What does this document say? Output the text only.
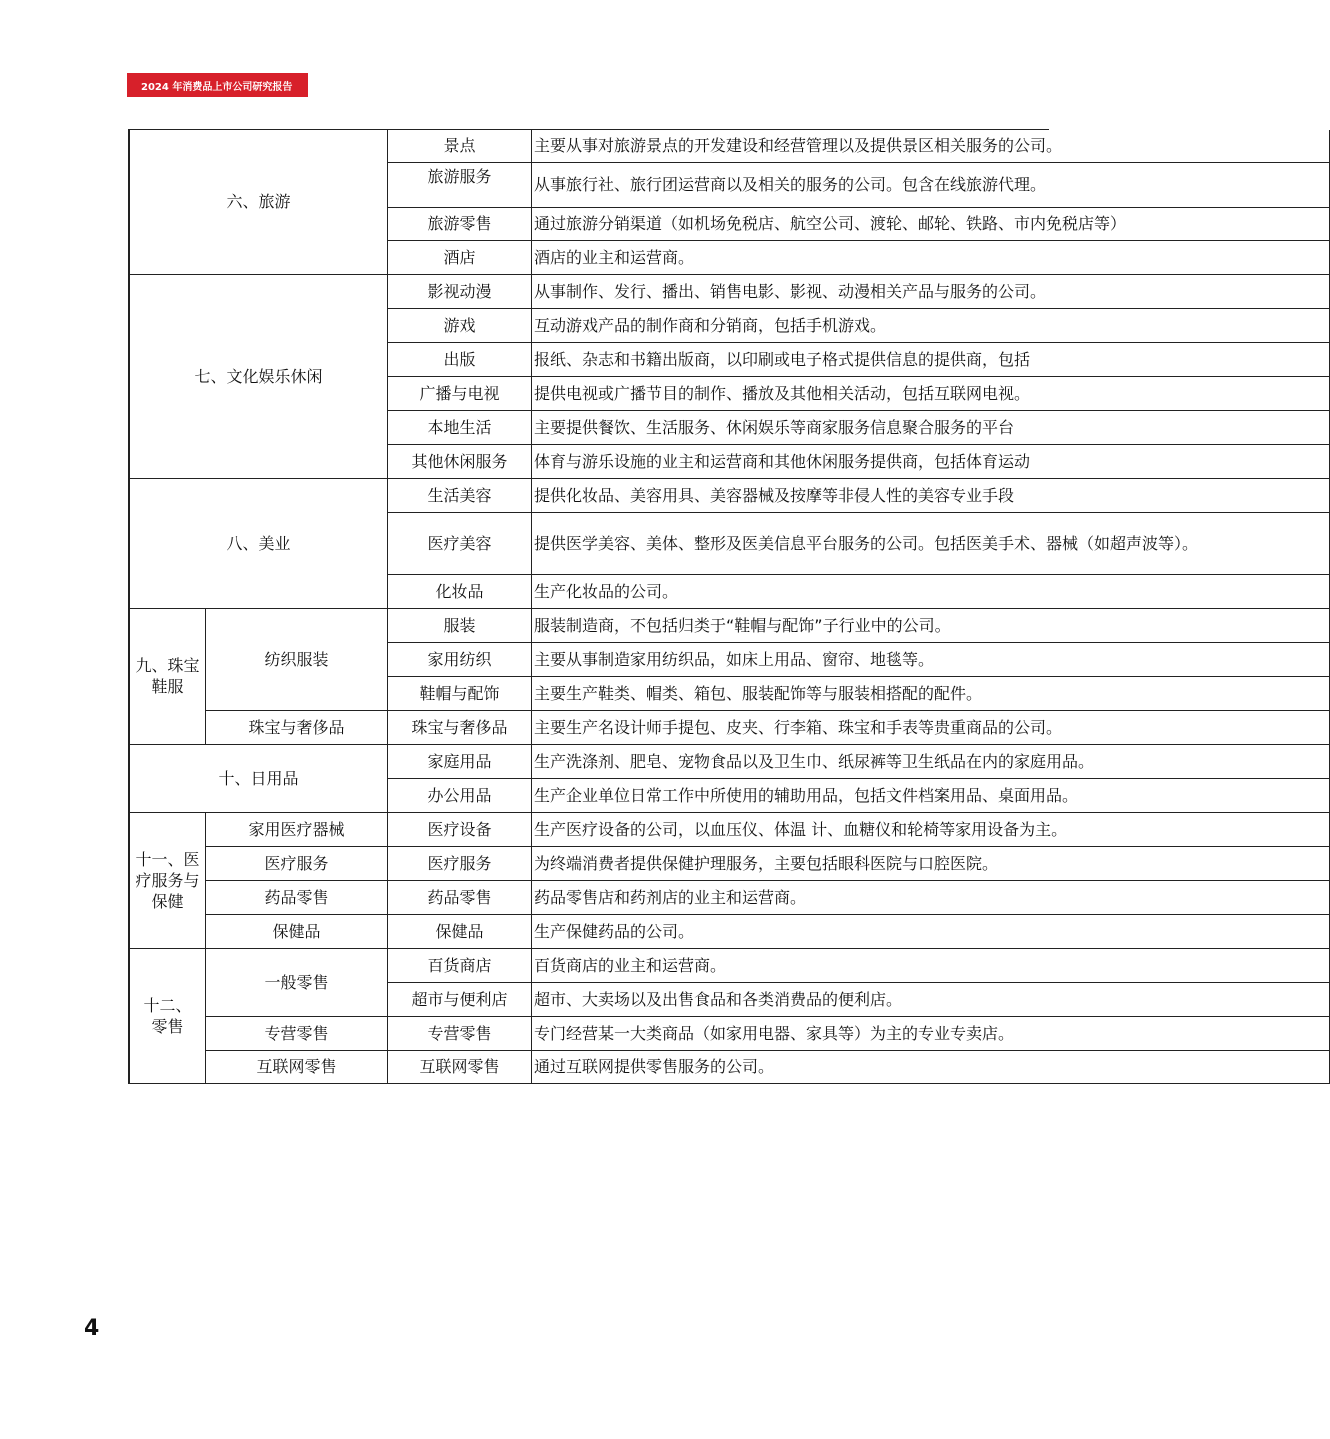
2024 年消费品上市公司研究报告
六、旅游		景点	主要从事对旅游景点的开发建设和经营管理以及提供景区相关服务的公司。
		旅游服务	从事旅行社、旅行团运营商以及相关的服务的公司。包含在线旅游代理。
		旅游零售	通过旅游分销渠道（如机场免税店、航空公司、渡轮、邮轮、铁路、市内免税店等）
		酒店	酒店的业主和运营商。
七、文化娱乐休闲		影视动漫	从事制作、发行、播出、销售电影、影视、动漫相关产品与服务的公司。
		游戏	互动游戏产品的制作商和分销商，包括手机游戏。
		出版	报纸、杂志和书籍出版商，以印刷或电子格式提供信息的提供商，包括
		广播与电视	提供电视或广播节目的制作、播放及其他相关活动，包括互联网电视。
		本地生活	主要提供餐饮、生活服务、休闲娱乐等商家服务信息聚合服务的平台
		其他休闲服务	体育与游乐设施的业主和运营商和其他休闲服务提供商，包括体育运动
八、美业		生活美容	提供化妆品、美容用具、美容器械及按摩等非侵人性的美容专业手段
		医疗美容	提供医学美容、美体、整形及医美信息平台服务的公司。包括医美手术、器械（如超声波等）。
		化妆品	生产化妆品的公司。
九、珠宝鞋服	纺织服装	服装	服装制造商，不包括归类于“鞋帽与配饰”子行业中的公司。
		家用纺织	主要从事制造家用纺织品，如床上用品、窗帘、地毯等。
		鞋帽与配饰	主要生产鞋类、帽类、箱包、服装配饰等与服装相搭配的配件。
	珠宝与奢侈品	珠宝与奢侈品	主要生产名设计师手提包、皮夹、行李箱、珠宝和手表等贵重商品的公司。
十、日用品		家庭用品	生产洗涤剂、肥皂、宠物食品以及卫生巾、纸尿裤等卫生纸品在内的家庭用品。
		办公用品	生产企业单位日常工作中所使用的辅助用品，包括文件档案用品、桌面用品。
十一、医疗服务与保健	家用医疗器械	医疗设备	生产医疗设备的公司，以血压仪、体温 计、血糖仪和轮椅等家用设备为主。
	医疗服务	医疗服务	为终端消费者提供保健护理服务，主要包括眼科医院与口腔医院。
	药品零售	药品零售	药品零售店和药剂店的业主和运营商。
	保健品	保健品	生产保健药品的公司。
十二、零售	一般零售	百货商店	百货商店的业主和运营商。
		超市与便利店	超市、大卖场以及出售食品和各类消费品的便利店。
	专营零售	专营零售	专门经营某一大类商品（如家用电器、家具等）为主的专业专卖店。
	互联网零售	互联网零售	通过互联网提供零售服务的公司。
4
